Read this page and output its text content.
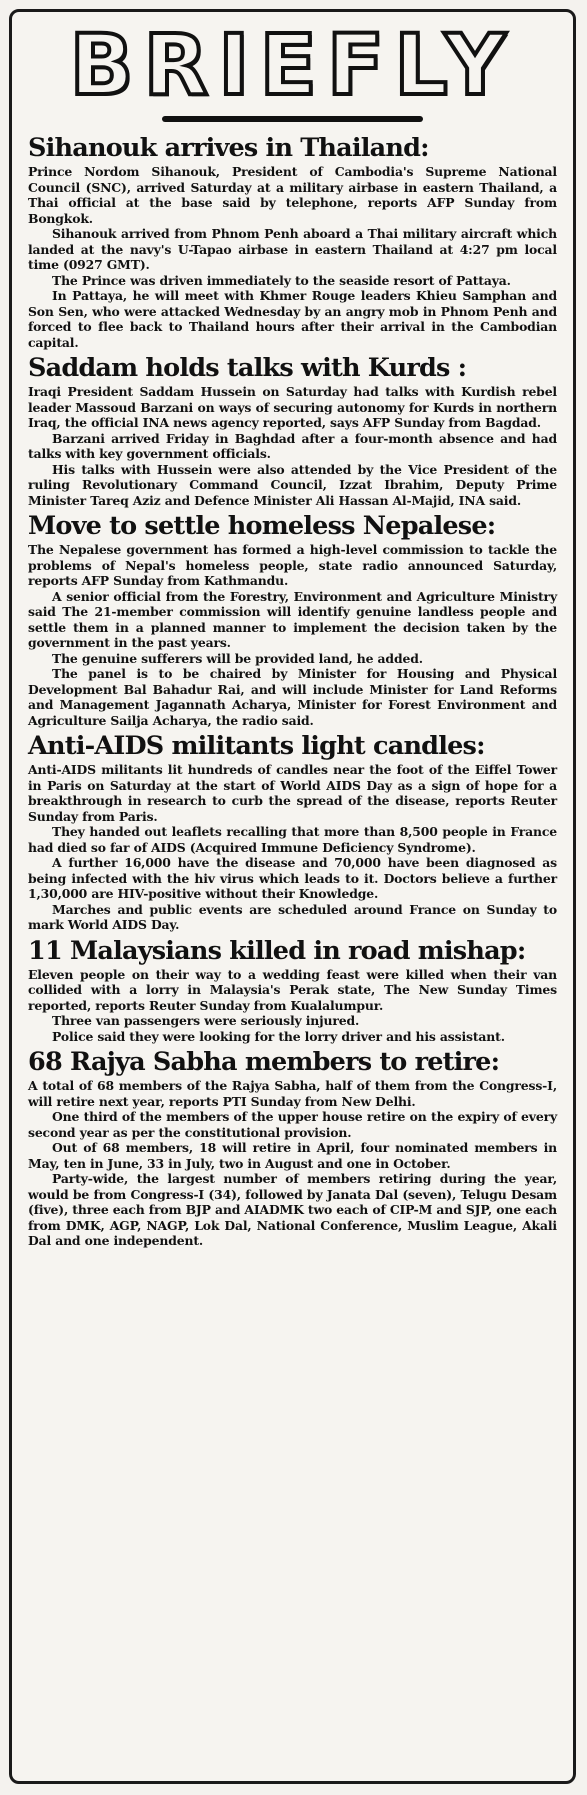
BRIEFLY
Sihanouk arrives in Thailand:

Prince Nordom Sihanouk, President of Cambodia's Supreme National Council (SNC), arrived Saturday at a military airbase in eastern Thailand, a Thai official at the base said by telephone, reports AFP Sunday from Bongkok.

Sihanouk arrived from Phnom Penh aboard a Thai military aircraft which landed at the navy's U-Tapao airbase in eastern Thailand at 4:27 pm local time (0927 GMT).

The Prince was driven immediately to the seaside resort of Pattaya.

In Pattaya, he will meet with Khmer Rouge leaders Khieu Samphan and Son Sen, who were attacked Wednesday by an angry mob in Phnom Penh and forced to flee back to Thailand hours after their arrival in the Cambodian capital.

Saddam holds talks with Kurds :

Iraqi President Saddam Hussein on Saturday had talks with Kurdish rebel leader Massoud Barzani on ways of securing autonomy for Kurds in northern Iraq, the official INA news agency reported, says AFP Sunday from Bagdad.

Barzani arrived Friday in Baghdad after a four-month absence and had talks with key government officials.

His talks with Hussein were also attended by the Vice President of the ruling Revolutionary Command Council, Izzat Ibrahim, Deputy Prime Minister Tareq Aziz and Defence Minister Ali Hassan Al-Majid, INA said.

Move to settle homeless Nepalese:

The Nepalese government has formed a high-level commission to tackle the problems of Nepal's homeless people, state radio announced Saturday, reports AFP Sunday from Kathmandu.

A senior official from the Forestry, Environment and Agriculture Ministry said The 21-member commission will identify genuine landless people and settle them in a planned manner to implement the decision taken by the government in the past years.

The genuine sufferers will be provided land, he added.

The panel is to be chaired by Minister for Housing and Physical Development Bal Bahadur Rai, and will include Minister for Land Reforms and Management Jagannath Acharya, Minister for Forest Environment and Agriculture Sailja Acharya, the radio said.

Anti-AIDS militants light candles:

Anti-AIDS militants lit hundreds of candles near the foot of the Eiffel Tower in Paris on Saturday at the start of World AIDS Day as a sign of hope for a breakthrough in research to curb the spread of the disease, reports Reuter Sunday from Paris.

They handed out leaflets recalling that more than 8,500 people in France had died so far of AIDS (Acquired Immune Deficiency Syndrome).

A further 16,000 have the disease and 70,000 have been diagnosed as being infected with the hiv virus which leads to it. Doctors believe a further 1,30,000 are HIV-positive without their Knowledge.

Marches and public events are scheduled around France on Sunday to mark World AIDS Day.

11 Malaysians killed in road mishap:

Eleven people on their way to a wedding feast were killed when their van collided with a lorry in Malaysia's Perak state, The New Sunday Times reported, reports Reuter Sunday from Kualalumpur.

Three van passengers were seriously injured.

Police said they were looking for the lorry driver and his assistant.

68 Rajya Sabha members to retire:

A total of 68 members of the Rajya Sabha, half of them from the Congress-I, will retire next year, reports PTI Sunday from New Delhi.

One third of the members of the upper house retire on the expiry of every second year as per the constitutional provision.

Out of 68 members, 18 will retire in April, four nominated members in May, ten in June, 33 in July, two in August and one in October.

Party-wide, the largest number of members retiring during the year, would be from Congress-I (34), followed by Janata Dal (seven), Telugu Desam (five), three each from BJP and AIADMK two each of CIP-M and SJP, one each from DMK, AGP, NAGP, Lok Dal, National Conference, Muslim League, Akali Dal and one independent.
